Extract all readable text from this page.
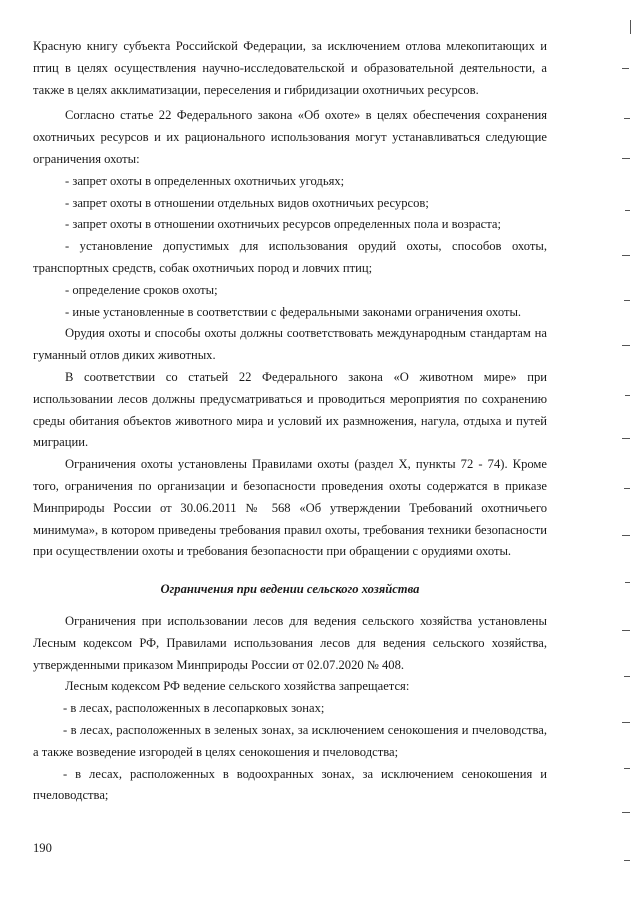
Красную книгу субъекта Российской Федерации, за исключением отлова млекопитающих и птиц в целях осуществления научно-исследовательской и образовательной деятельности, а также в целях акклиматизации, переселения и гибридизации охотничьих ресурсов.

Согласно статье 22 Федерального закона «Об охоте» в целях обеспечения сохранения охотничьих ресурсов и их рационального использования могут устанавливаться следующие ограничения охоты:

- запрет охоты в определенных охотничьих угодьях;

- запрет охоты в отношении отдельных видов охотничьих ресурсов;

- запрет охоты в отношении охотничьих ресурсов определенных пола и возраста;

- установление допустимых для использования орудий охоты, способов охоты, транспортных средств, собак охотничьих пород и ловчих птиц;

- определение сроков охоты;

- иные установленные в соответствии с федеральными законами ограничения охоты.

Орудия охоты и способы охоты должны соответствовать международным стандартам на гуманный отлов диких животных.

В соответствии со статьей 22 Федерального закона «О животном мире» при использовании лесов должны предусматриваться и проводиться мероприятия по сохранению среды обитания объектов животного мира и условий их размножения, нагула, отдыха и путей миграции.

Ограничения охоты установлены Правилами охоты (раздел X, пункты 72 - 74). Кроме того, ограничения по организации и безопасности проведения охоты содержатся в приказе Минприроды России от 30.06.2011 № 568 «Об утверждении Требований охотничьего минимума», в котором приведены требования правил охоты, требования техники безопасности при осуществлении охоты и требования безопасности при обращении с орудиями охоты.

Ограничения при ведении сельского хозяйства

Ограничения при использовании лесов для ведения сельского хозяйства установлены Лесным кодексом РФ, Правилами использования лесов для ведения сельского хозяйства, утвержденными приказом Минприроды России от 02.07.2020 № 408.

Лесным кодексом РФ ведение сельского хозяйства запрещается:

- в лесах, расположенных в лесопарковых зонах;

- в лесах, расположенных в зеленых зонах, за исключением сенокошения и пчеловодства, а также возведение изгородей в целях сенокошения и пчеловодства;

- в лесах, расположенных в водоохранных зонах, за исключением сенокошения и пчеловодства;

190
